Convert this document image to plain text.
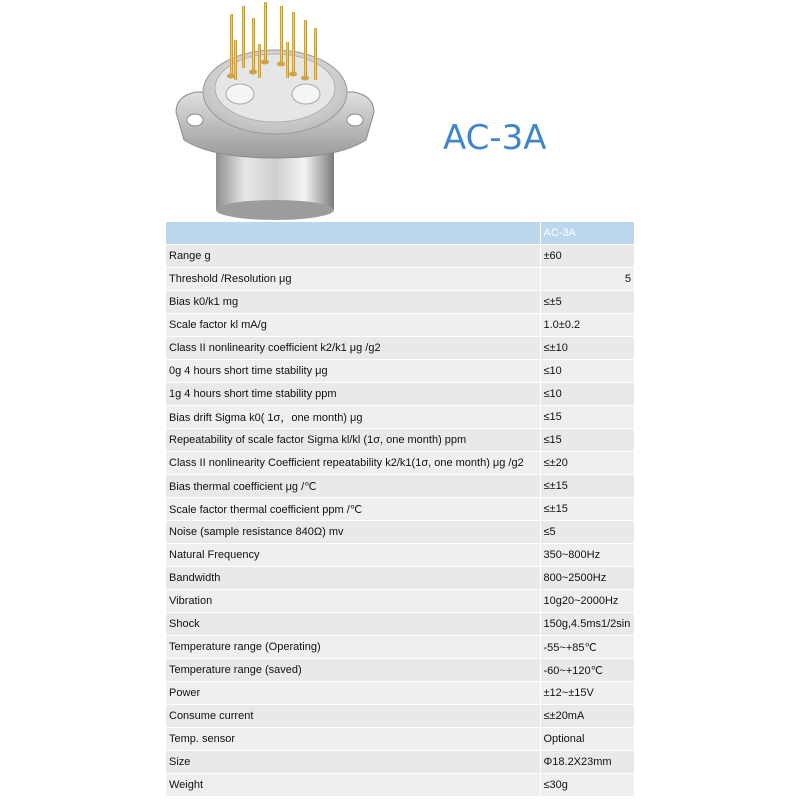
AC-3A
	AC-3A
Range g	±60
Threshold /Resolution μg	5
Bias k0/k1 mg	≤±5
Scale factor kl mA/g	1.0±0.2
Class II nonlinearity coefficient k2/k1 μg /g2	≤±10
0g 4 hours short time stability μg	≤10
1g 4 hours short time stability ppm	≤10
Bias drift Sigma k0( 1σ，one month) μg	≤15
Repeatability of scale factor Sigma kl/kl (1σ, one month) ppm	≤15
Class II nonlinearity Coefficient repeatability k2/k1(1σ, one month) μg /g2	≤±20
Bias thermal coefficient μg /℃	≤±15
Scale factor thermal coefficient ppm /℃	≤±15
Noise (sample resistance 840Ω) mv	≤5
Natural Frequency	350~800Hz
Bandwidth	800~2500Hz
Vibration	10g20~2000Hz
Shock	150g,4.5ms1/2sin
Temperature range (Operating)	-55~+85℃
Temperature range (saved)	-60~+120℃
Power	±12~±15V
Consume current	≤±20mA
Temp. sensor	Optional
Size	Φ18.2X23mm
Weight	≤30g
